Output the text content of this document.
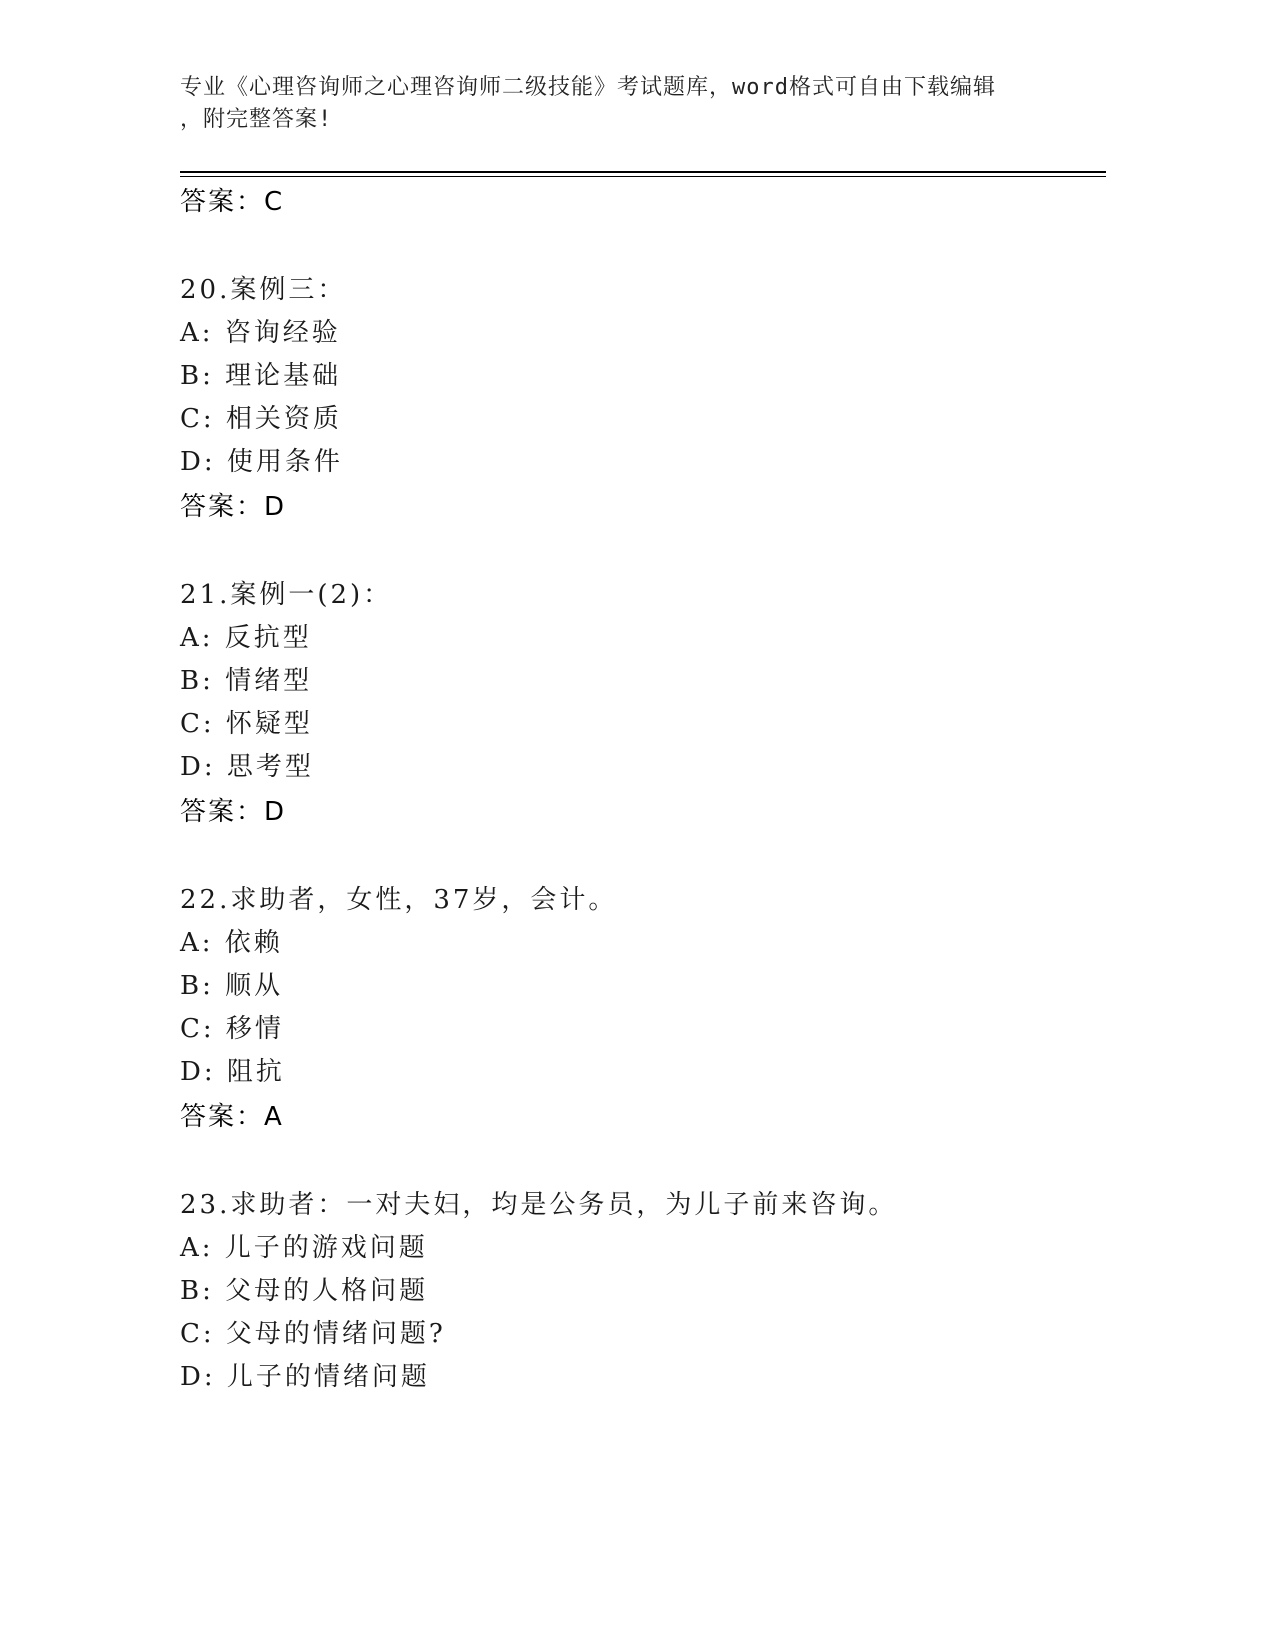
专业《心理咨询师之心理咨询师二级技能》考试题库，word格式可自由下载编辑
，附完整答案!
答案：C
20.案例三：
A: 咨询经验
B: 理论基础
C: 相关资质
D: 使用条件
答案：D
21.案例一(2)：
A: 反抗型
B: 情绪型
C: 怀疑型
D: 思考型
答案：D
22.求助者，女性，37岁，会计。
A: 依赖
B: 顺从
C: 移情
D: 阻抗
答案：A
23.求助者：一对夫妇，均是公务员，为儿子前来咨询。
A: 儿子的游戏问题
B: 父母的人格问题
C: 父母的情绪问题?
D: 儿子的情绪问题
